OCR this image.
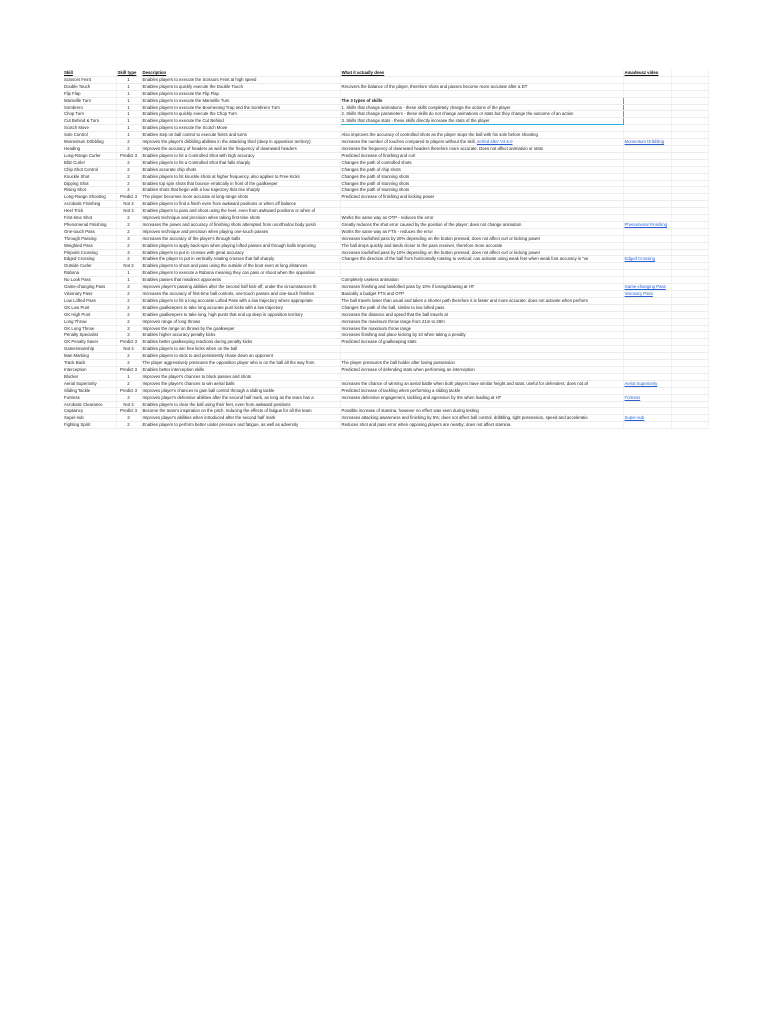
Skill	Skill type	Description	What it actually does	Amadeusz video	
Scissors Feint	1	Enables players to execute the Scissors Feint at high speed			
Double Touch	1	Enables players to quickly execute the Double Touch	Recovers the balance of the player, therefore shots and passes become more accurate after a DT		
Flip Flap	1	Enables players to execute the Flip Flap			
Marseille Turn	1	Enables players to execute the Marseille Turn	The 3 types of skills		
Sombrero	1	Enables players to execute the Boomerang Trap and the Sombrero Turn	1. Skills that change animations - these skills completely change the actions of the player		
Chop Turn	1	Enables players to quickly execute the Chop Turn	2. Skills that change parameters - these skills do not change animations or stats but they change the outcome of an action		
Cut Behind & Turn	1	Enables players to execute the Cut Behind	3. Skills that change stats - these skills directly increase the stats of the player		
Scotch Move	1	Enables players to execute the Scotch Move			
Sole Control	1	Enables step on ball control to execute feints and turns	Also improves the accuracy of controlled shots as the player stops the ball with his sole before shooting		
Momentum Dribbling	2	Improves the player's dribbling abilities in the attacking third (deep in opposition territory)	Increases the number of touches compared to players without the skill, nerfed after V2.6.0	Momentum Dribbling	
Heading	2	Improves the accuracy of headers as well as the frequency of downward headers	Increases the frequency of downward headers therefore more accurate. Does not affect animation or stats		
Long-Range Curler	Predict 3	Enables players to hit a Controlled Shot with high accuracy	Predicted increase of finishing and curl		
Blitz Curler	2	Enables players to hit a Controlled Shot that falls sharply	Changes the path of controlled shots		
Chip Shot Control	2	Enables accurate chip shots	Changes the path of chip shots		
Knuckle Shot	2	Enables players to hit knuckle shots at higher frequency, also applies to Free Kicks	Changes the path of stunning shots		
Dipping Shot	2	Enables top spin shots that bounce erratically in front of the goalkeeper	Changes the path of stunning shots		
Rising Shot	2	Enables shots that begin with a low trajectory that rise sharply	Changes the path of stunning shots		
Long-Range Shooting	Predict 3	The player becomes more accurate at long-range shots	Predicted increase of finishing and kicking power		
Acrobatic Finishing	Not 3	Enables players to find a finish even from awkward positions or when off balance			
Heel Trick	Not 3	Enables players to pass and shoot using the heel, even from awkward positions or when of			
First-time Shot	2	Improves technique and precision when taking first-time shots	Works the same way as OTP - reduces the error		
Phenomenal Finishing	2	Increases the power and accuracy of finishing shots attempted from unorthodox body positi	Greatly reduces the shot error caused by the position of the player; does not change animation	Phenomenal Finishing	
One-touch Pass	2	Improves technique and precision when playing one-touch passes	Works the same way as FTS - reduces the error		
Through Passing	3	Increases the accuracy of the player's through balls	Increases low/lofted pass by 20% depending on the button pressed; does not affect curl or kicking power		
Weighted Pass	2	Enables players to apply back-spin when playing lofted passes and through balls improving	The ball drops quickly and lands closer to the pass receiver, therefore more accurate		
Pinpoint Crossing	3	Enables players to put in crosses with great accuracy	Increases low/lofted pass by 10% depending on the button pressed; does not affect curl or kicking power		
Edged Crossing	2	Enables the player to put in vertically rotating crosses that fall sharply	Changes the direction of the ball from horizontally rotating to vertical; can activate using weak feet when weak foot accuracy is "ve	Edged Crossing	
Outside Curler	Not 3	Enables players to shoot and pass using the outside of the boot even at long distances			
Rabona	1	Enables players to execute a Rabona meaning they can pass or shoot when the opposition			
No Look Pass	1	Enables passes that misdirect opponents	Completely useless animation		
Game-changing Pass	3	Improves player's passing abilities after the second half kick-off, under the circumstances th	Increases finishing and low/lofted pass by 10% if losing/drawing at HT	Game-changing Pass	
Visionary Pass	2	Increases the accuracy of first-time ball controls, one-touch passes and one-touch finishes	Basically a budget FTS and OTP	Visionary Pass	
Low Lofted Pass	2	Enables players to hit a long accurate Lofted Pass with a low trajectory where appropriate	The ball travels lower than usual and takes a shorter path therefore it is faster and more accurate; does not activate when perform		
GK Low Punt	2	Enables goalkeepers to take long accurate punt kicks with a low trajectory	Changes the path of the ball, similar to low lofted pass		
GK High Punt	2	Enables goalkeepers to take long, high punts that end up deep in opposition territory	Increases the distance and speed that the ball travels at		
Long Throw	2	Improves range of long throws	Increases the maximum throw range from 21m to 28m		
GK Long Throw	2	Improves the range on throws by the goalkeeper	Increases the maximum throw range		
Penalty Specialist	3	Enables higher accuracy penalty kicks	Increases finishing and place kicking by 10 when taking a penalty		
GK Penalty Saver	Predict 3	Enables better goalkeeping reactions during penalty kicks	Predicted increase of goalkeeping stats		
Gamesmanship	Not 3	Enables players to win free kicks when on the ball			
Man Marking	2	Enables players to stick to and persistently chase down an opponent			
Track Back	2	The player aggressively pressures the opposition player who is on the ball all the way from	The player pressures the ball holder after losing possession		
Interception	Predict 3	Enables better interception skills	Predicted increase of defending stats when performing an interception		
Blocker	1	Improves the player's chances to block passes and shots			
Aerial Superiority	2	Improves the player's chances to win aerial balls	Increases the chance of winning an aerial battle when both players have similar height and stats; useful for defenders; does not af	Aerial Superiority	
Sliding Tackle	Predict 3	Improves player's chances to gain ball control through a sliding tackle	Predicted increase of tackling when performing a sliding tackle		
Fortress	3	Improves player's defensive abilities after the second half mark, as long as the team has a	Increases defensive engagement, tackling and agression by 5% when leading at HT	Fortress	
Acrobatic Clearance	Not 3	Enables players to clear the ball using their feet, even from awkward positions			
Captaincy	Predict 3	Become the team's inspiration on the pitch, reducing the effects of fatigue for all the team	Possible increase of stamina, however no effect was seen during testing		
Super-sub	3	Improves player's abilities when introduced after the second half mark	Increases attacking awareness and finishing by 5%; does not affect ball control, dribbling, tight possession, speed and acceleratio	Super-sub	
Fighting Spirit	2	Enables players to perform better under pressure and fatigue, as well as adversity	Reduces shot and pass error when opposing players are nearby; does not affect stamina		
